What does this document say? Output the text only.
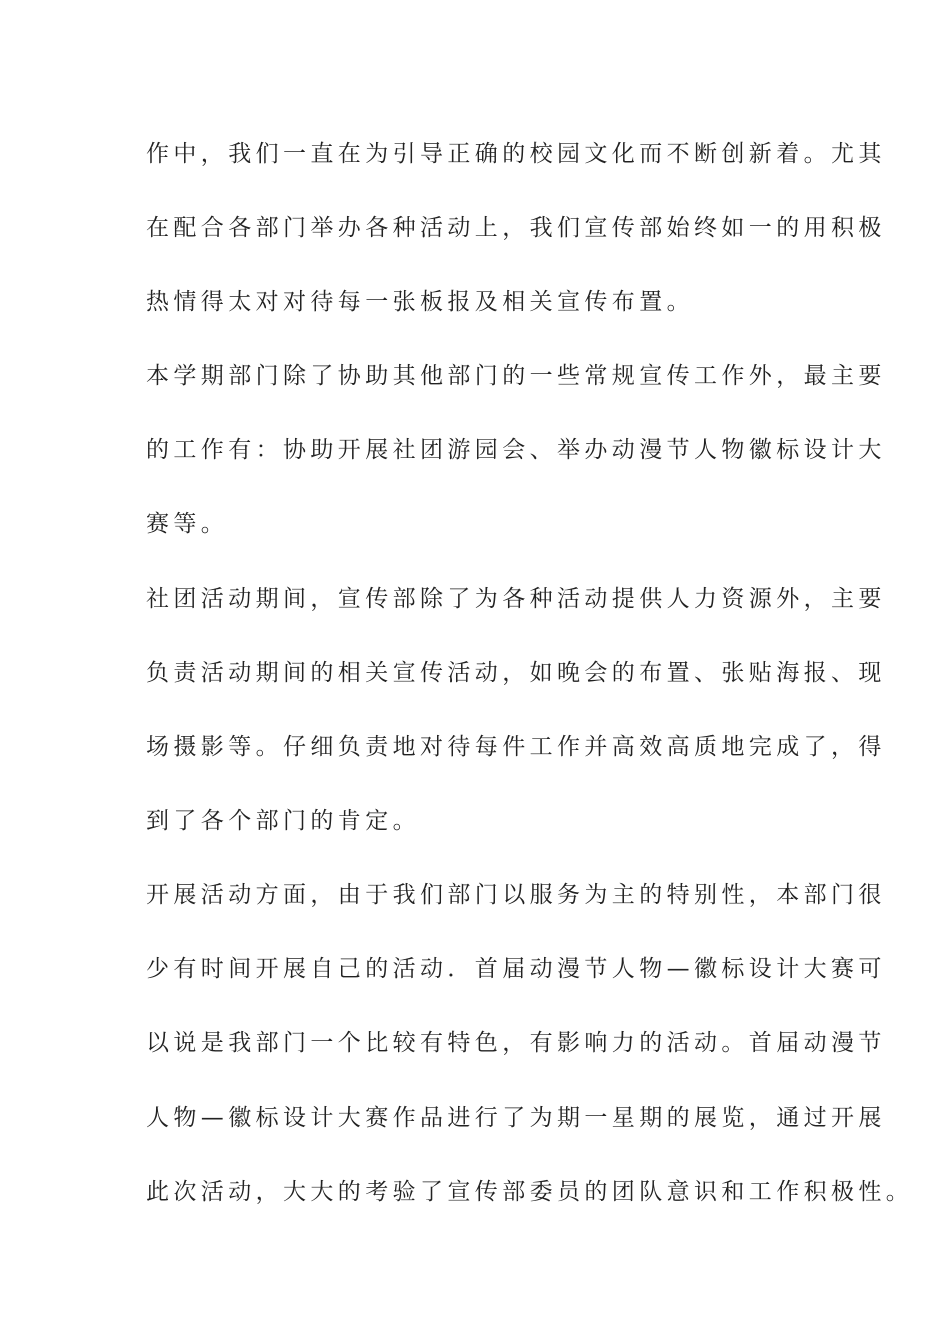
作中，我们一直在为引导正确的校园文化而不断创新着。尤其
在配合各部门举办各种活动上，我们宣传部始终如一的用积极
热情得太对对待每一张板报及相关宣传布置。
本学期部门除了协助其他部门的一些常规宣传工作外，最主要
的工作有：协助开展社团游园会、举办动漫节人物徽标设计大
赛等。
社团活动期间，宣传部除了为各种活动提供人力资源外，主要
负责活动期间的相关宣传活动，如晚会的布置、张贴海报、现
场摄影等。仔细负责地对待每件工作并高效高质地完成了，得
到了各个部门的肯定。
开展活动方面，由于我们部门以服务为主的特别性，本部门很
少有时间开展自己的活动．首届动漫节人物—徽标设计大赛可
以说是我部门一个比较有特色，有影响力的活动。首届动漫节
人物—徽标设计大赛作品进行了为期一星期的展览，通过开展
此次活动，大大的考验了宣传部委员的团队意识和工作积极性。
